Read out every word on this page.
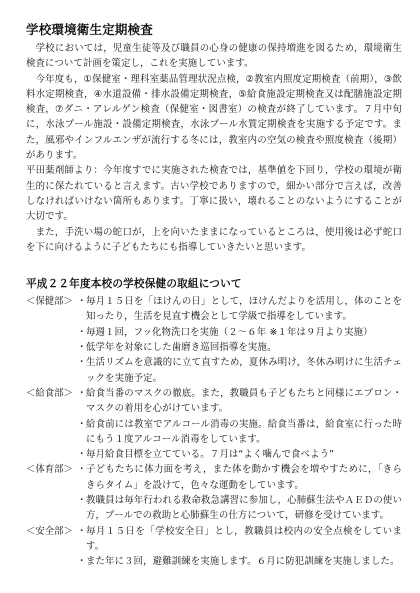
学校環境衛生定期検査

　学校においては，児童生徒等及び職員の心身の健康の保持増進を図るため，環境衛生検査について計画を策定し，これを実施しています。

　今年度も，①保健室・理科室薬品管理状況点検，②教室内照度定期検査（前期），③飲料水定期検査，④水道設備・排水設備定期検査，⑤給食施設定期検査又は配膳施設定期検査，⑦ダニ・アレルゲン検査（保健室・図書室）の検査が終了しています。７月中旬に，水泳プール施設・設備定期検査，水泳プール水質定期検査を実施する予定です。また，風邪やインフルエンザが流行する冬には，教室内の空気の検査や照度検査（後期）があります。

平田薬剤師より：今年度すでに実施された検査では，基準値を下回り，学校の環境が衛生的に保たれていると言えます。古い学校でありますので，細かい部分で言えば，改善しなければいけない箇所もあります。丁寧に扱い，壊れることのないようにすることが大切です。

　また，手洗い場の蛇口が，上を向いたままになっているところは，使用後は必ず蛇口を下に向けるように子どもたちにも指導していきたいと思います。

平成２２年度本校の学校保健の取組について
＜保健部＞ ・ 毎月１５日を「ほけんの日」として，ほけんだよりを活用し，体のことを知ったり，生活を見直す機会として学級で指導をしています。
・ 毎週１回，フッ化物洗口を実施（２～６年 ※１年は９月より実施）
・ 低学年を対象にした歯磨き巡回指導を実施。
・ 生活リズムを意識的に立て直すため，夏休み明け，冬休み明けに生活チェックを実施予定。
＜給食部＞ ・ 給食当番のマスクの徹底。また，教職員も子どもたちと同様にエプロン・マスクの着用を心がけています。
・ 給食前には教室でアルコール消毒の実施。給食当番は，給食室に行った時にもう１度アルコール消毒をしています。
・ 毎月給食目標を立てている。７月は“よく噛んで食べよう”
＜体育部＞ ・ 子どもたちに体力面を考え，また体を動かす機会を増やすために，「きらきらタイム」を設けて，色々な運動をしています。
・ 教職員は毎年行われる救命救急講習に参加し，心肺蘇生法やＡＥＤの使い方，プールでの救助と心肺蘇生の仕方について，研修を受けています。
＜安全部＞ ・ 毎月１５日を「学校安全日」とし，教職員は校内の安全点検をしています。
・ また年に３回，避難訓練を実施します。６月に防犯訓練を実施しました。
